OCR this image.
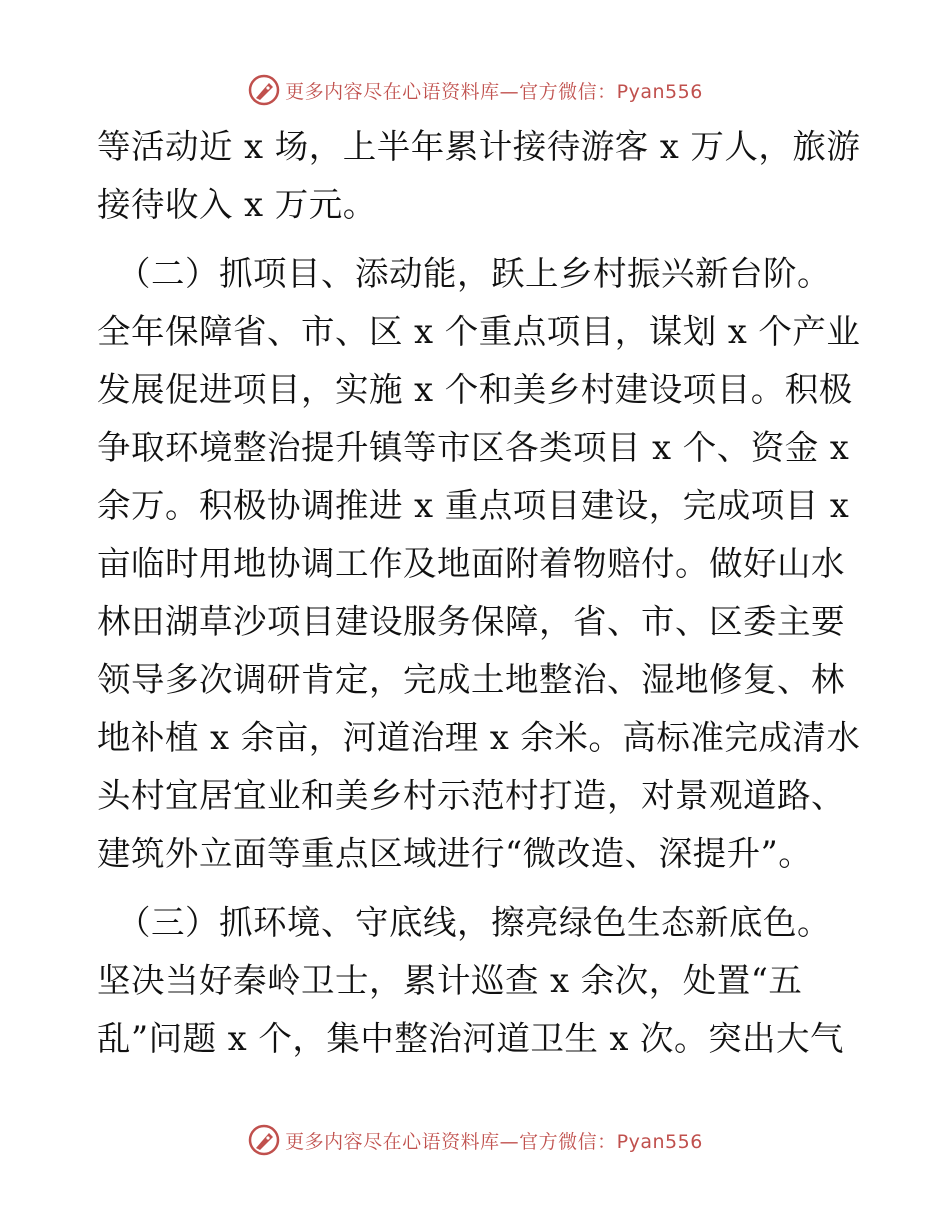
更多内容尽在心语资料库—官方微信：Pyan556
等活动近 x 场，上半年累计接待游客 x 万人，旅游
接待收入 x 万元。
（二）抓项目、添动能，跃上乡村振兴新台阶。
全年保障省、市、区 x 个重点项目，谋划 x 个产业
发展促进项目，实施 x 个和美乡村建设项目。积极
争取环境整治提升镇等市区各类项目 x 个、资金 x
余万。积极协调推进 x 重点项目建设，完成项目 x
亩临时用地协调工作及地面附着物赔付。做好山水
林田湖草沙项目建设服务保障，省、市、区委主要
领导多次调研肯定，完成土地整治、湿地修复、林
地补植 x 余亩，河道治理 x 余米。高标准完成清水
头村宜居宜业和美乡村示范村打造，对景观道路、
建筑外立面等重点区域进行“微改造、深提升”。
（三）抓环境、守底线，擦亮绿色生态新底色。
坚决当好秦岭卫士，累计巡查 x 余次，处置“五
乱”问题 x 个，集中整治河道卫生 x 次。突出大气
更多内容尽在心语资料库—官方微信：Pyan556
